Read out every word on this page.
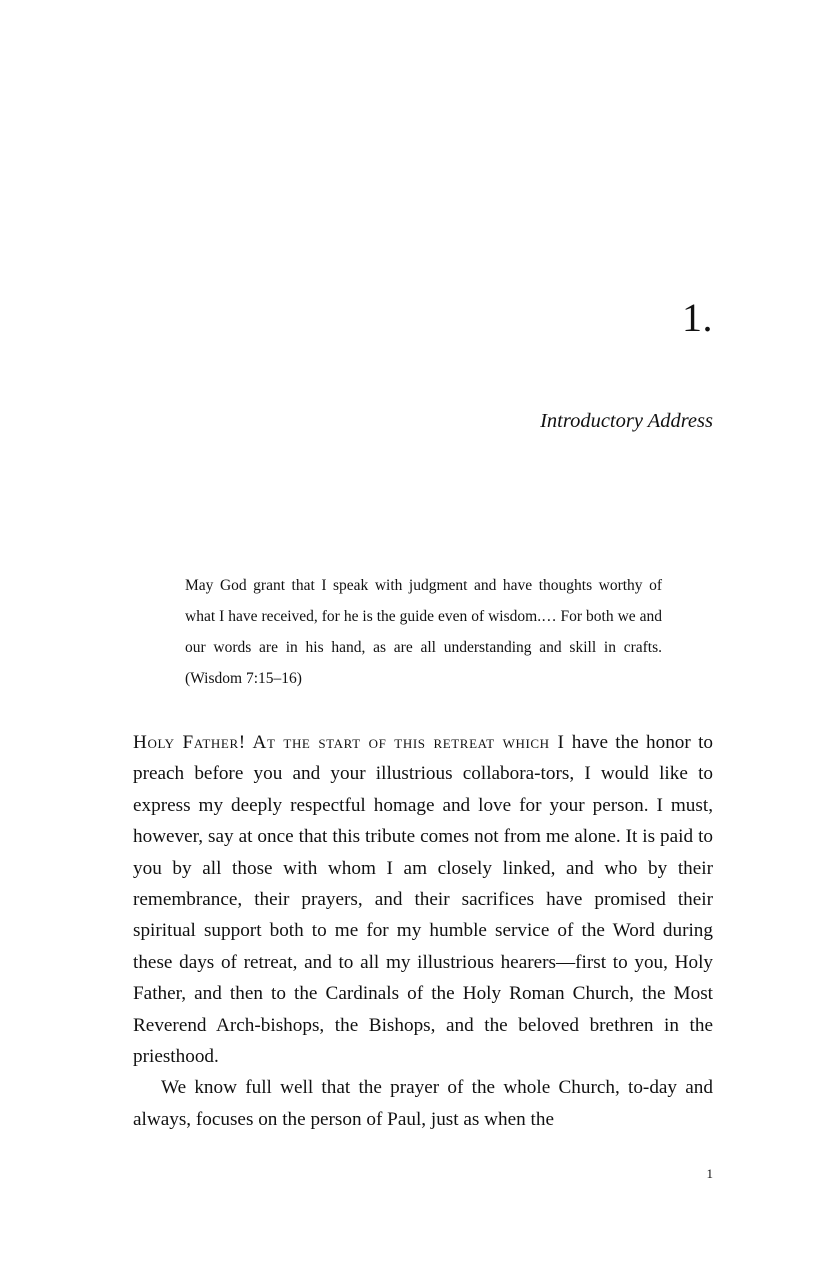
1.
Introductory Address
May God grant that I speak with judgment and have thoughts worthy of what I have received, for he is the guide even of wisdom.… For both we and our words are in his hand, as are all understanding and skill in crafts. (Wisdom 7:15–16)

Holy Father! At the start of this retreat which I have the honor to preach before you and your illustrious collabora-tors, I would like to express my deeply respectful homage and love for your person. I must, however, say at once that this tribute comes not from me alone. It is paid to you by all those with whom I am closely linked, and who by their remembrance, their prayers, and their sacrifices have promised their spiritual support both to me for my humble service of the Word during these days of retreat, and to all my illustrious hearers—first to you, Holy Father, and then to the Cardinals of the Holy Roman Church, the Most Reverend Arch-bishops, the Bishops, and the beloved brethren in the priesthood.

We know full well that the prayer of the whole Church, to-day and always, focuses on the person of Paul, just as when the

1
